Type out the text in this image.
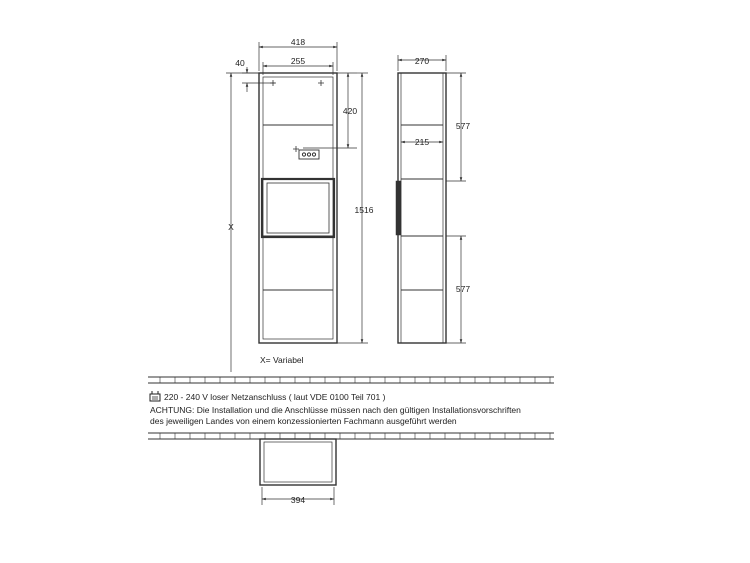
418
255
40
X
420
1516
270
215
577
577
394
X= Variabel
220 - 240 V loser Netzanschluss ( laut VDE 0100 Teil 701 )
ACHTUNG: Die Installation und die Anschlüsse müssen nach den gültigen Installationsvorschriften
des jeweiligen Landes von einem konzessionierten Fachmann ausgeführt werden
